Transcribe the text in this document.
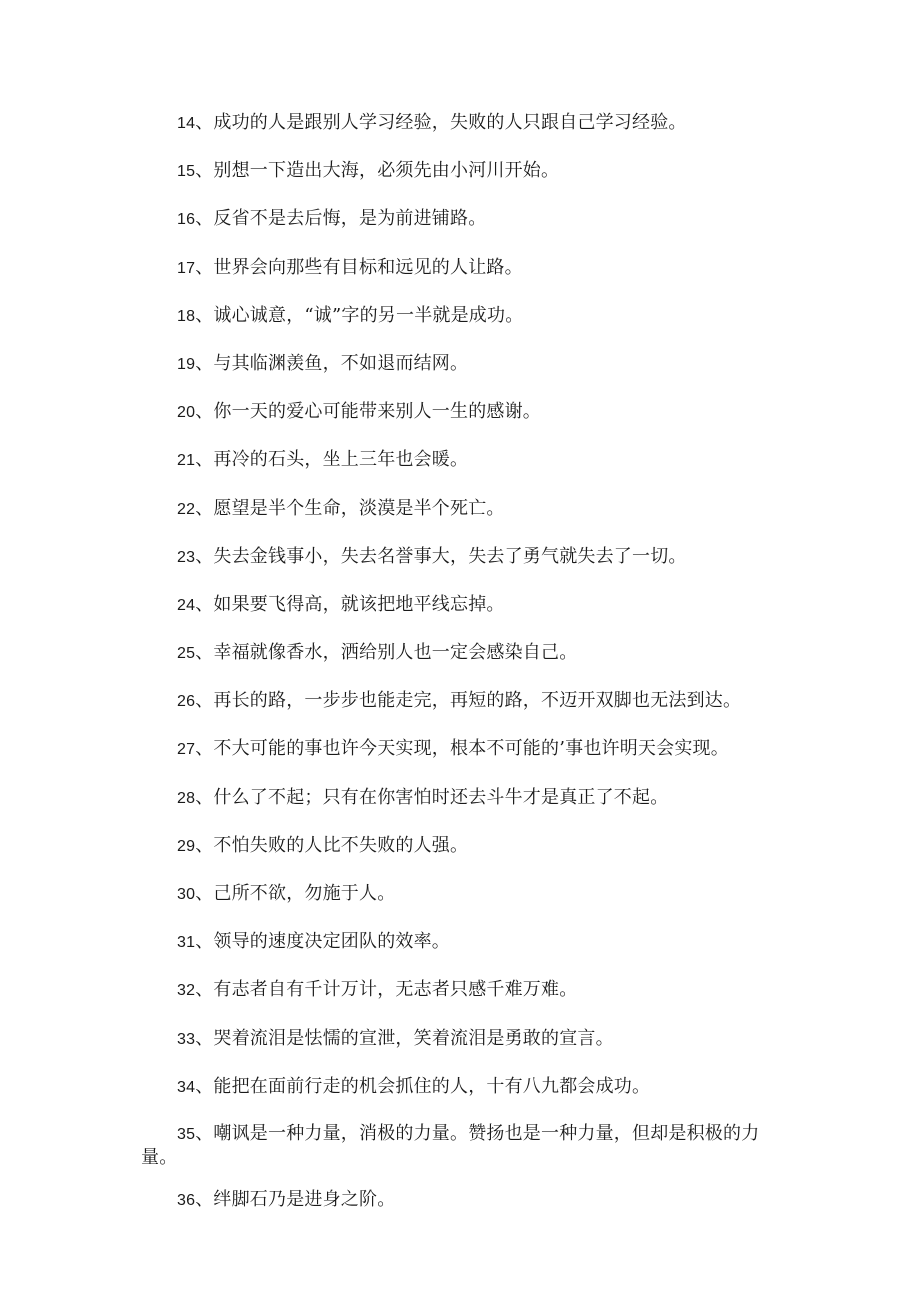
14、成功的人是跟别人学习经验，失败的人只跟自己学习经验。
15、别想一下造出大海，必须先由小河川开始。
16、反省不是去后悔，是为前进铺路。
17、世界会向那些有目标和远见的人让路。
18、诚心诚意，“诚”字的另一半就是成功。
19、与其临渊羡鱼，不如退而结网。
20、你一天的爱心可能带来别人一生的感谢。
21、再冷的石头，坐上三年也会暖。
22、愿望是半个生命，淡漠是半个死亡。
23、失去金钱事小，失去名誉事大，失去了勇气就失去了一切。
24、如果要飞得高，就该把地平线忘掉。
25、幸福就像香水，洒给别人也一定会感染自己。
26、再长的路，一步步也能走完，再短的路，不迈开双脚也无法到达。
27、不大可能的事也许今天实现，根本不可能的’事也许明天会实现。
28、什么了不起；只有在你害怕时还去斗牛才是真正了不起。
29、不怕失败的人比不失败的人强。
30、己所不欲，勿施于人。
31、领导的速度决定团队的效率。
32、有志者自有千计万计，无志者只感千难万难。
33、哭着流泪是怯懦的宣泄，笑着流泪是勇敢的宣言。
34、能把在面前行走的机会抓住的人，十有八九都会成功。
35、嘲讽是一种力量，消极的力量。赞扬也是一种力量，但却是积极的力量。
36、绊脚石乃是进身之阶。
